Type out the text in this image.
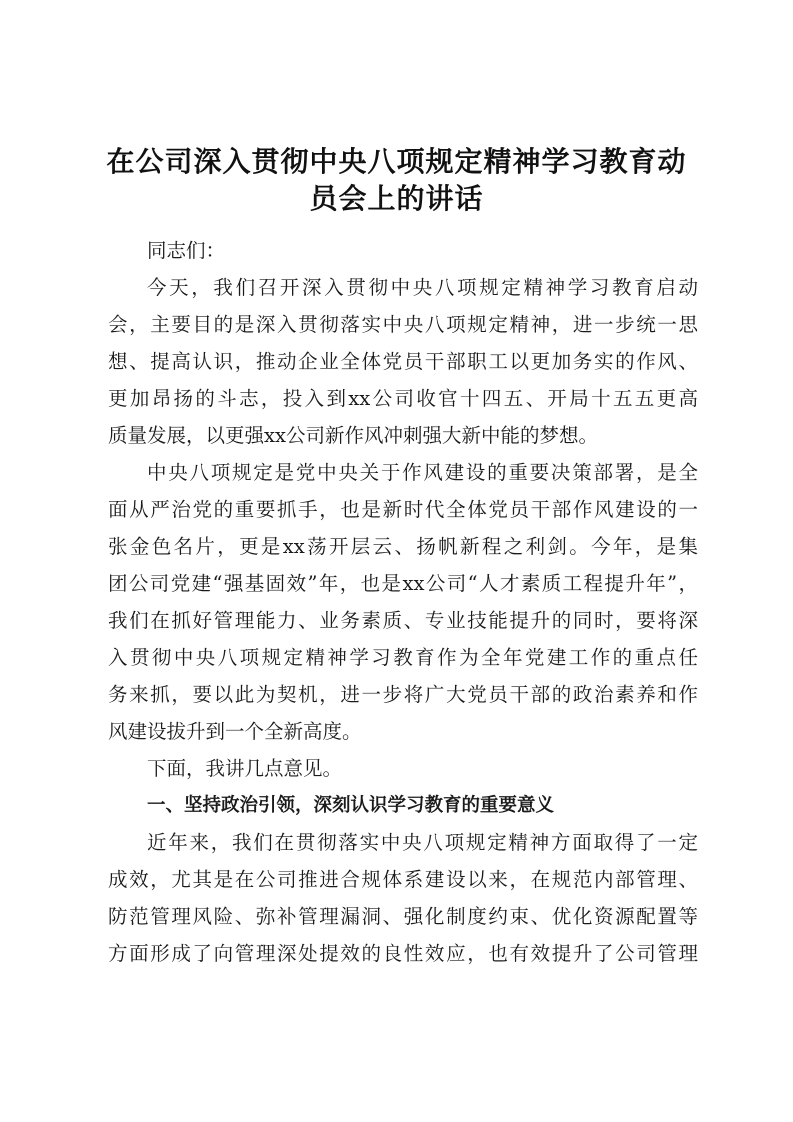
在公司深入贯彻中央八项规定精神学习教育动
员会上的讲话
同志们：
今天，我们召开深入贯彻中央八项规定精神学习教育启动
会，主要目的是深入贯彻落实中央八项规定精神，进一步统一思
想、提高认识，推动企业全体党员干部职工以更加务实的作风、
更加昂扬的斗志，投入到xx公司收官十四五、开局十五五更高
质量发展，以更强xx公司新作风冲刺强大新中能的梦想。
中央八项规定是党中央关于作风建设的重要决策部署，是全
面从严治党的重要抓手，也是新时代全体党员干部作风建设的一
张金色名片，更是xx荡开层云、扬帆新程之利剑。今年，是集
团公司党建“强基固效”年，也是xx公司“人才素质工程提升年”，
我们在抓好管理能力、业务素质、专业技能提升的同时，要将深
入贯彻中央八项规定精神学习教育作为全年党建工作的重点任
务来抓，要以此为契机，进一步将广大党员干部的政治素养和作
风建设拔升到一个全新高度。
下面，我讲几点意见。
一、坚持政治引领，深刻认识学习教育的重要意义
近年来，我们在贯彻落实中央八项规定精神方面取得了一定
成效，尤其是在公司推进合规体系建设以来，在规范内部管理、
防范管理风险、弥补管理漏洞、强化制度约束、优化资源配置等
方面形成了向管理深处提效的良性效应，也有效提升了公司管理
